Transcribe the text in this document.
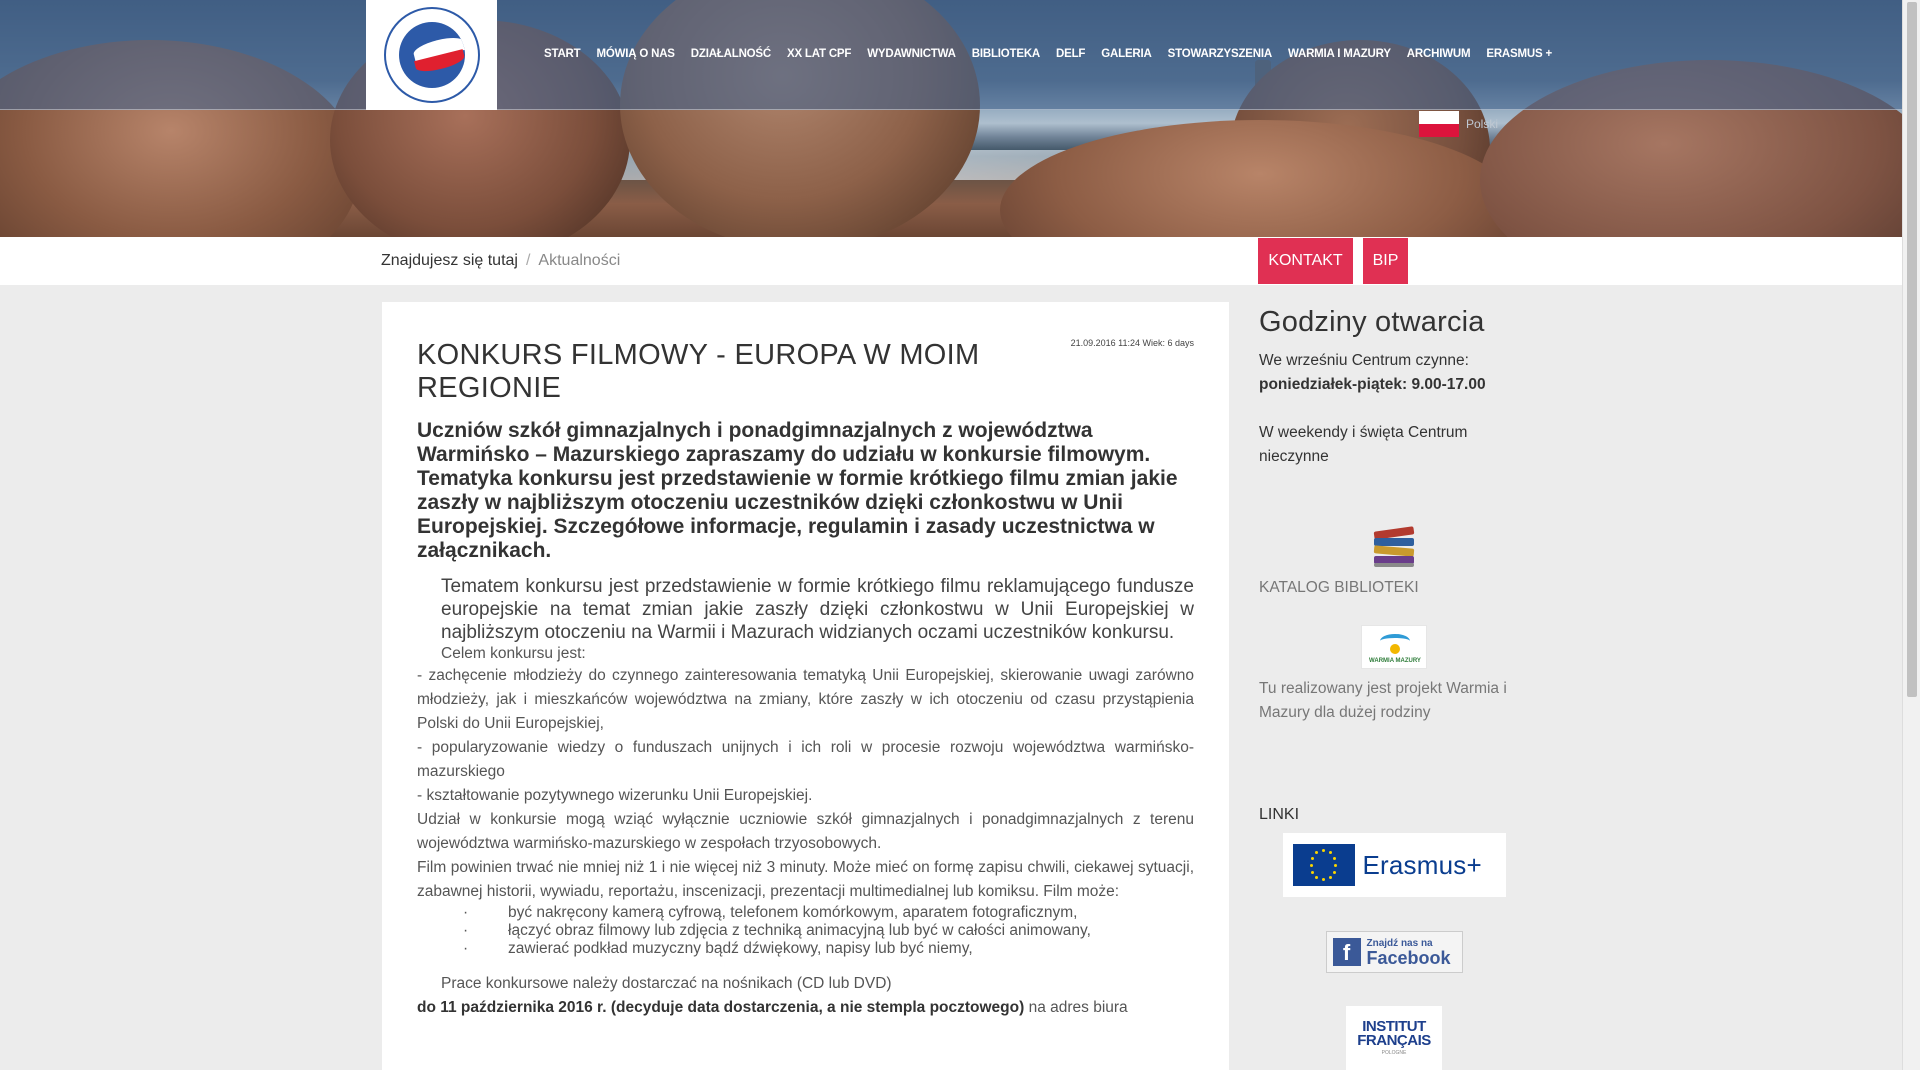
START MÓWIĄ O NAS DZIAŁALNOŚĆ XX LAT CPF WYDAWNICTWA BIBLIOTEKA DELF GALERIA STOWARZYSZENIA WARMIA I MAZURY ARCHIWUM ERASMUS +
Polski
Znajdujesz się tutaj / Aktualności	KONTAKT	BIP
21.09.2016 11:24 Wiek: 6 days
KONKURS FILMOWY - EUROPA W MOIM REGIONIE

Uczniów szkół gimnazjalnych i ponadgimnazjalnych z województwa Warmińsko – Mazurskiego zapraszamy do udziału w konkursie filmowym. Tematyka konkursu jest przedstawienie w formie krótkiego filmu zmian jakie zaszły w najbliższym otoczeniu uczestników dzięki członkostwu w Unii Europejskiej. Szczegółowe informacje, regulamin i zasady uczestnictwa w załącznikach.

Tematem konkursu jest przedstawienie w formie krótkiego filmu reklamującego fundusze europejskie na temat zmian jakie zaszły dzięki członkostwu w Unii Europejskiej w najbliższym otoczeniu na Warmii i Mazurach widzianych oczami uczestników konkursu.

Celem konkursu jest:

- zachęcenie młodzieży do czynnego zainteresowania tematyką Unii Europejskiej, skierowanie uwagi zarówno młodzieży, jak i mieszkańców województwa na zmiany, które zaszły w ich otoczeniu od czasu przystąpienia Polski do Unii Europejskiej,

- popularyzowanie wiedzy o funduszach unijnych i ich roli w procesie rozwoju województwa warmińsko-mazurskiego

- kształtowanie pozytywnego wizerunku Unii Europejskiej.

Udział w konkursie mogą wziąć wyłącznie uczniowie szkół gimnazjalnych i ponadgimnazjalnych z terenu województwa warmińsko-mazurskiego w zespołach trzyosobowych.

Film powinien trwać nie mniej niż 1 i nie więcej niż 3 minuty. Może mieć on formę zapisu chwili, ciekawej sytuacji, zabawnej historii, wywiadu, reportażu, inscenizacji, prezentacji multimedialnej lub komiksu. Film może:

·	być nakręcony kamerą cyfrową, telefonem komórkowym, aparatem fotograficznym,
·	łączyć obraz filmowy lub zdjęcia z techniką animacyjną lub być w całości animowany,
·	zawierać podkład muzyczny bądź dźwiękowy, napisy lub być niemy,

Prace konkursowe należy dostarczać na nośnikach (CD lub DVD)

do 11 października 2016 r. (decyduje data dostarczenia, a nie stempla pocztowego) na adres biura

Godziny otwarcia

We wrześniu Centrum czynne:

poniedziałek-piątek: 9.00-17.00

W weekendy i święta Centrum nieczynne

KATALOG BIBLIOTEKI
WARMIA MAZURY

Tu realizowany jest projekt Warmia i Mazury dla dużej rodziny

LINKI
Erasmus+
f	Znajdź nas na
Facebook
INSTITUT
FRANÇAIS
POLOGNE
